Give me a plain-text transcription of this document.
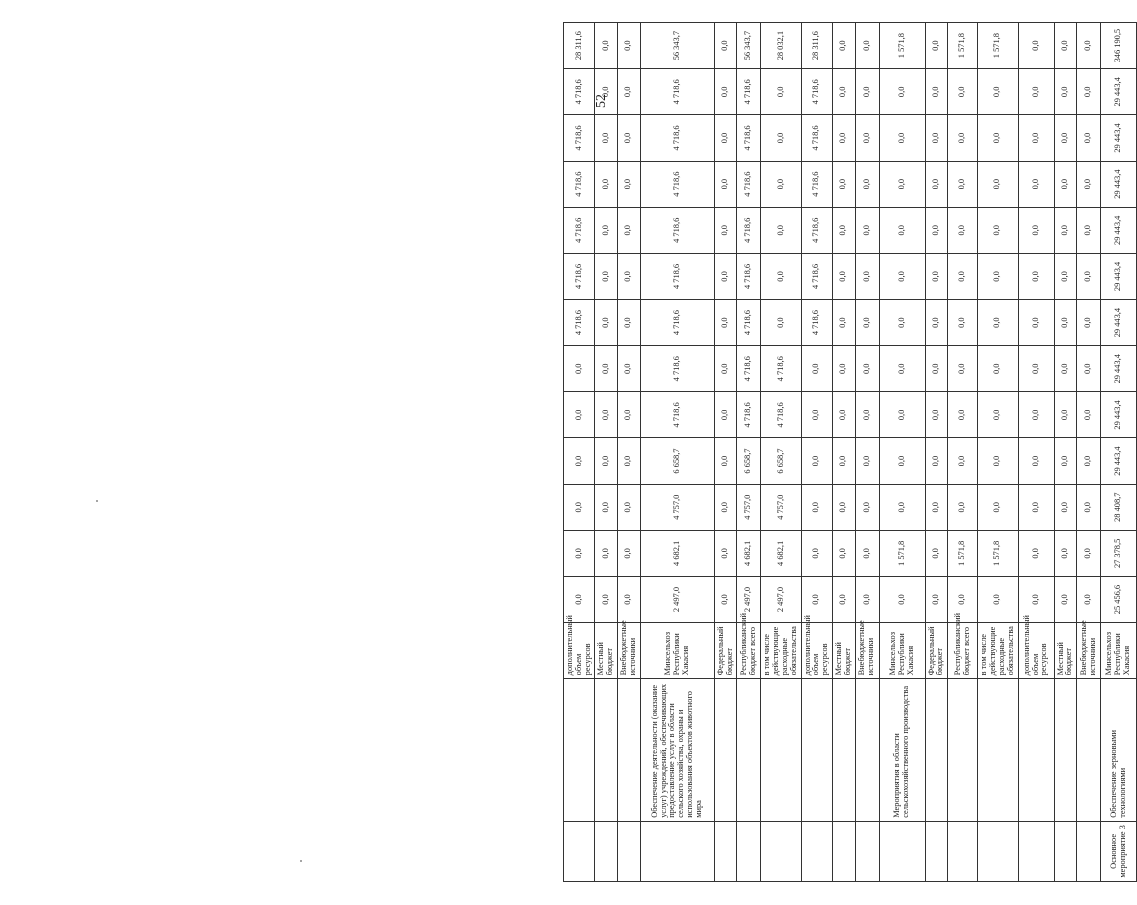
		дополнительный объем ресурсов	0,0	0,0	0,0	0,0	0,0	0,0	4 718,6	4 718,6	4 718,6	4 718,6	4 718,6	4 718,6	28 311,6
		Местный бюджет	0,0	0,0	0,0	0,0	0,0	0,0	0,0	0,0	0,0	0,0	0,0	0,0	0,0
		Внебюджетные источники	0,0	0,0	0,0	0,0	0,0	0,0	0,0	0,0	0,0	0,0	0,0	0,0	0,0
	Обеспечение деятельности (оказание услуг) учреждений, обеспечивающих предоставление услуг в области сельского хозяйства, охраны и использования объектов животного мира	Минсельхоз Республики Хакасия	2 497,0	4 682,1	4 757,0	6 658,7	4 718,6	4 718,6	4 718,6	4 718,6	4 718,6	4 718,6	4 718,6	4 718,6	56 343,7
		Федеральный бюджет	0,0	0,0	0,0	0,0	0,0	0,0	0,0	0,0	0,0	0,0	0,0	0,0	0,0
		Республиканский бюджет всего	2 497,0	4 682,1	4 757,0	6 658,7	4 718,6	4 718,6	4 718,6	4 718,6	4 718,6	4 718,6	4 718,6	4 718,6	56 343,7
		в том числе действующие расходные обязательства	2 497,0	4 682,1	4 757,0	6 658,7	4 718,6	4 718,6	0,0	0,0	0,0	0,0	0,0	0,0	28 032,1
		дополнительный объем ресурсов	0,0	0,0	0,0	0,0	0,0	0,0	4 718,6	4 718,6	4 718,6	4 718,6	4 718,6	4 718,6	28 311,6
		Местный бюджет	0,0	0,0	0,0	0,0	0,0	0,0	0,0	0,0	0,0	0,0	0,0	0,0	0,0
		Внебюджетные источники	0,0	0,0	0,0	0,0	0,0	0,0	0,0	0,0	0,0	0,0	0,0	0,0	0,0
	Мероприятия в области сельскохозяйственного производства	Минсельхоз Республики Хакасия	0,0	1 571,8	0,0	0,0	0,0	0,0	0,0	0,0	0,0	0,0	0,0	0,0	1 571,8
		Федеральный бюджет	0,0	0,0	0,0	0,0	0,0	0,0	0,0	0,0	0,0	0,0	0,0	0,0	0,0
		Республиканский бюджет всего	0,0	1 571,8	0,0	0,0	0,0	0,0	0,0	0,0	0,0	0,0	0,0	0,0	1 571,8
		в том числе действующие расходные обязательства	0,0	1 571,8	0,0	0,0	0,0	0,0	0,0	0,0	0,0	0,0	0,0	0,0	1 571,8
		дополнительный объем ресурсов	0,0	0,0	0,0	0,0	0,0	0,0	0,0	0,0	0,0	0,0	0,0	0,0	0,0
		Местный бюджет	0,0	0,0	0,0	0,0	0,0	0,0	0,0	0,0	0,0	0,0	0,0	0,0	0,0
		Внебюджетные источники	0,0	0,0	0,0	0,0	0,0	0,0	0,0	0,0	0,0	0,0	0,0	0,0	0,0
Основное мероприятие 3	Обеспечение зерновыми технологиями	Минсельхоз Республики Хакасия	25 456,6	27 378,5	28 408,7	29 443,4	29 443,4	29 443,4	29 443,4	29 443,4	29 443,4	29 443,4	29 443,4	29 443,4	346 190,5
52
